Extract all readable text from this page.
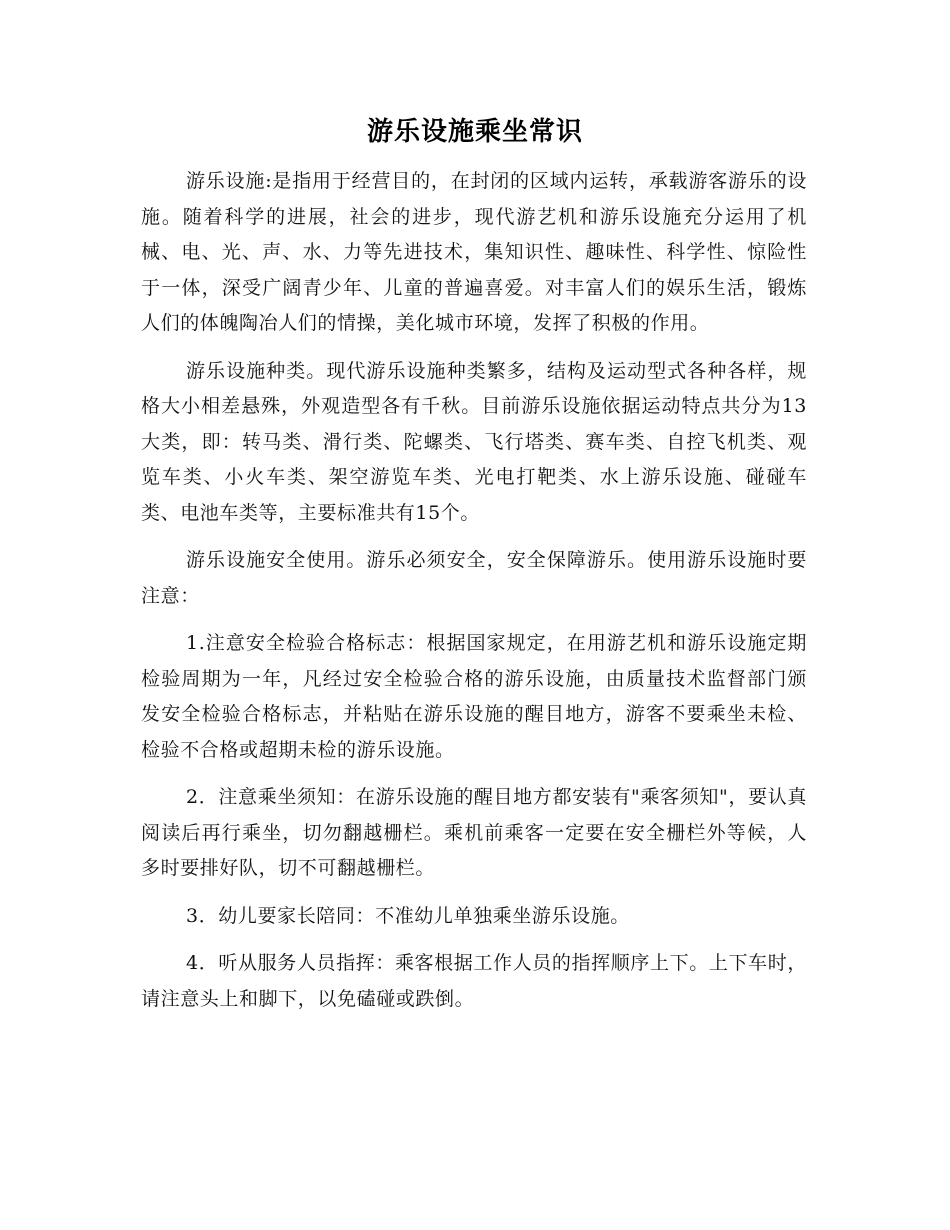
游乐设施乘坐常识

游乐设施:是指用于经营目的，在封闭的区域内运转，承载游客游乐的设施。随着科学的进展，社会的进步，现代游艺机和游乐设施充分运用了机械、电、光、声、水、力等先进技术，集知识性、趣味性、科学性、惊险性于一体，深受广阔青少年、儿童的普遍喜爱。对丰富人们的娱乐生活，锻炼人们的体魄陶冶人们的情操，美化城市环境，发挥了积极的作用。

游乐设施种类。现代游乐设施种类繁多，结构及运动型式各种各样，规格大小相差悬殊，外观造型各有千秋。目前游乐设施依据运动特点共分为13大类，即：转马类、滑行类、陀螺类、飞行塔类、赛车类、自控飞机类、观览车类、小火车类、架空游览车类、光电打靶类、水上游乐设施、碰碰车类、电池车类等，主要标准共有15个。

游乐设施安全使用。游乐必须安全，安全保障游乐。使用游乐设施时要注意：

1.注意安全检验合格标志：根据国家规定，在用游艺机和游乐设施定期检验周期为一年，凡经过安全检验合格的游乐设施，由质量技术监督部门颁发安全检验合格标志，并粘贴在游乐设施的醒目地方，游客不要乘坐未检、检验不合格或超期未检的游乐设施。

2．注意乘坐须知：在游乐设施的醒目地方都安装有"乘客须知"，要认真阅读后再行乘坐，切勿翻越栅栏。乘机前乘客一定要在安全栅栏外等候，人多时要排好队，切不可翻越栅栏。

3．幼儿要家长陪同：不准幼儿单独乘坐游乐设施。

4．听从服务人员指挥：乘客根据工作人员的指挥顺序上下。上下车时，请注意头上和脚下，以免磕碰或跌倒。
